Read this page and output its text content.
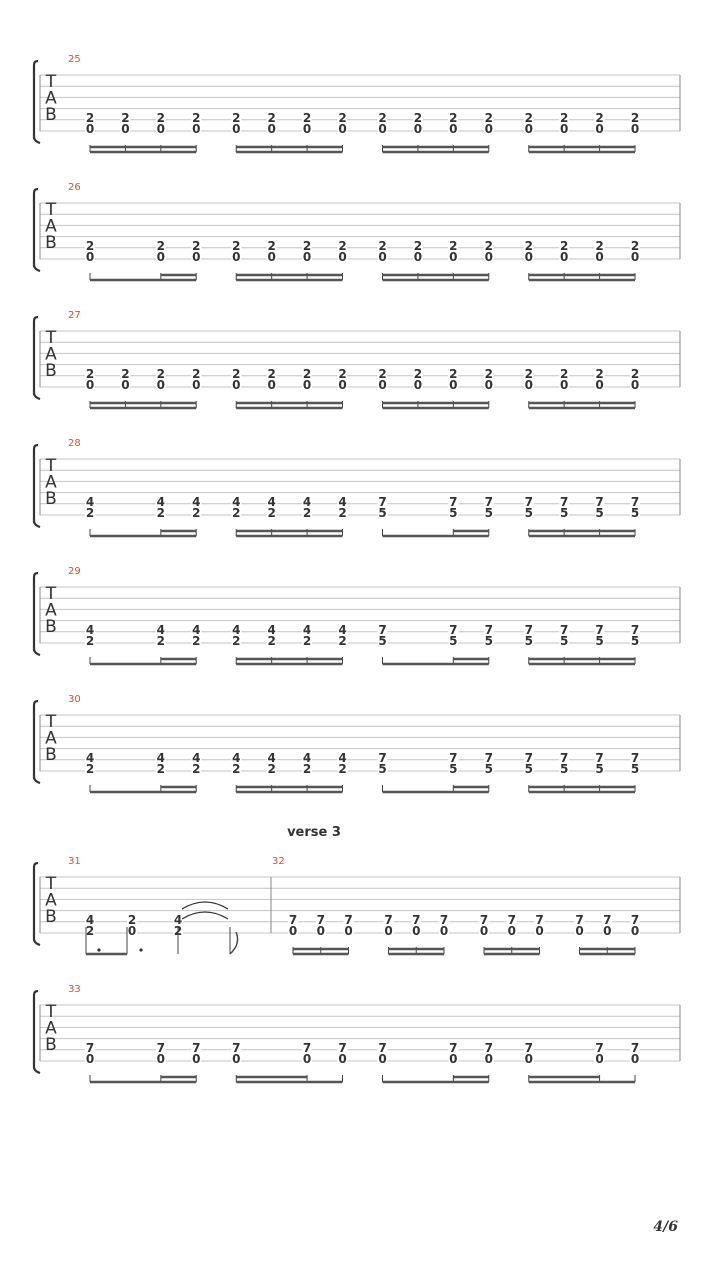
T
A
B
25
2
0
2
0
2
0
2
0
2
0
2
0
2
0
2
0
2
0
2
0
2
0
2
0
2
0
2
0
2
0
2
0
T
A
B
26
2
0
2
0
2
0
2
0
2
0
2
0
2
0
2
0
2
0
2
0
2
0
2
0
2
0
2
0
2
0
T
A
B
27
2
0
2
0
2
0
2
0
2
0
2
0
2
0
2
0
2
0
2
0
2
0
2
0
2
0
2
0
2
0
2
0
T
A
B
28
4
2
4
2
4
2
4
2
4
2
4
2
4
2
7
5
7
5
7
5
7
5
7
5
7
5
7
5
T
A
B
29
4
2
4
2
4
2
4
2
4
2
4
2
4
2
7
5
7
5
7
5
7
5
7
5
7
5
7
5
T
A
B
30
4
2
4
2
4
2
4
2
4
2
4
2
4
2
7
5
7
5
7
5
7
5
7
5
7
5
7
5
T
A
B
verse 3
31
4
2
2
0
4
2
32
7
0
7
0
7
0
7
0
7
0
7
0
7
0
7
0
7
0
7
0
7
0
7
0
T
A
B
33
7
0
7
0
7
0
7
0
7
0
7
0
7
0
7
0
7
0
7
0
7
0
7
0
4/6
